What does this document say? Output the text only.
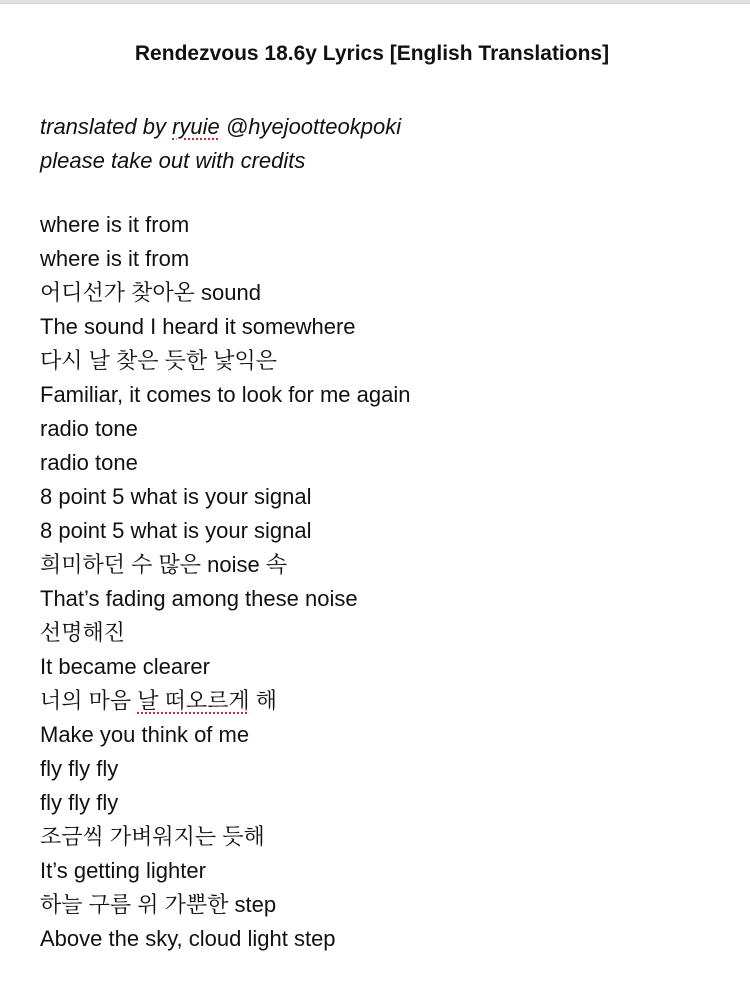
Rendezvous 18.6y Lyrics [English Translations]
translated by ryuie @hyejootteokpoki
please take out with credits
where is it from
where is it from
어디선가 찾아온 sound
The sound I heard it somewhere
다시 날 찾은 듯한 낯익은
Familiar, it comes to look for me again
radio tone
radio tone
8 point 5 what is your signal
8 point 5 what is your signal
희미하던 수 많은 noise 속
That’s fading among these noise
선명해진
It became clearer
너의 마음 날 떠오르게 해
Make you think of me
fly fly fly
fly fly fly
조금씩 가벼워지는 듯해
It’s getting lighter
하늘 구름 위 가뿐한 step
Above the sky, cloud light step
